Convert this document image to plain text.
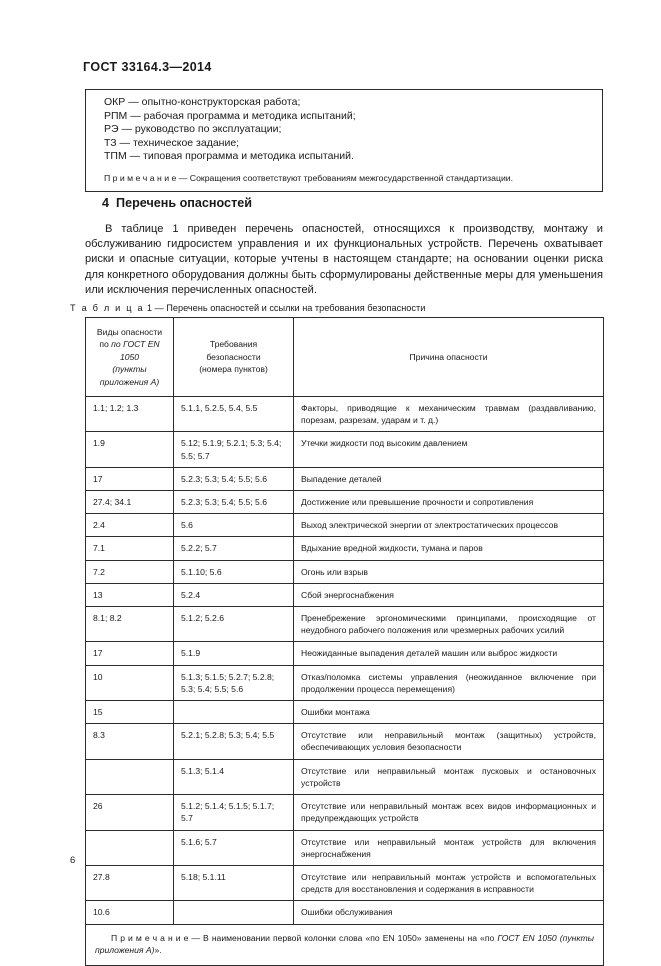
ГОСТ 33164.3—2014
ОКР — опытно-конструкторская работа;
РПМ — рабочая программа и методика испытаний;
РЭ — руководство по эксплуатации;
ТЗ — техническое задание;
ТПМ — типовая программа и методика испытаний.
П р и м е ч а н и е — Сокращения соответствуют требованиям межгосударственной стандартизации.
4 Перечень опасностей
В таблице 1 приведен перечень опасностей, относящихся к производству, монтажу и обслуживанию гидросистем управления и их функциональных устройств. Перечень охватывает риски и опасные ситуации, которые учтены в настоящем стандарте; на основании оценки риска для конкретного оборудования должны быть сформулированы действенные меры для уменьшения или исключения перечисленных опасностей.
Т а б л и ц а 1 — Перечень опасностей и ссылки на требования безопасности
Виды опасности
по по ГОСТ EN 1050
(пункты
приложения А)

Требования
безопасности
(номера пунктов)
	Причина опасности
1.1; 1.2; 1.3	5.1.1, 5.2.5, 5.4, 5.5	Факторы, приводящие к механическим травмам (раздавливанию, порезам, разрезам, ударам и т. д.)
1.9	5.12; 5.1.9; 5.2.1; 5.3; 5.4; 5.5; 5.7	Утечки жидкости под высоким давлением
17	5.2.3; 5.3; 5.4; 5.5; 5.6	Выпадение деталей
27.4; 34.1	5.2.3; 5.3; 5.4; 5.5; 5.6	Достижение или превышение прочности и сопротивления
2.4	5.6	Выход электрической энергии от электростатических процессов
7.1	5.2.2; 5.7	Вдыхание вредной жидкости, тумана и паров
7.2	5.1.10; 5.6	Огонь или взрыв
13	5.2.4	Сбой энергоснабжения
8.1; 8.2	5.1.2; 5.2.6	Пренебрежение эргономическими принципами, происходящие от неудобного рабочего положения или чрезмерных рабочих усилий
17	5.1.9	Неожиданные выпадения деталей машин или выброс жидкости
10	5.1.3; 5.1.5; 5.2.7; 5.2.8; 5.3; 5.4; 5.5; 5.6	Отказ/поломка системы управления (неожиданное включение при продолжении процесса перемещения)
15		Ошибки монтажа
8.3	5.2.1; 5.2.8; 5.3; 5.4; 5.5	Отсутствие или неправильный монтаж (защитных) устройств, обеспечивающих условия безопасности
	5.1.3; 5.1.4	Отсутствие или неправильный монтаж пусковых и остановочных устройств
26	5.1.2; 5.1.4; 5.1.5; 5.1.7; 5.7	Отсутствие или неправильный монтаж всех видов информационных и предупреждающих устройств
	5.1.6; 5.7	Отсутствие или неправильный монтаж устройств для включения энергоснабжения
27.8	5.18; 5.1.11	Отсутствие или неправильный монтаж устройств и вспомогательных средств для восстановления и содержания в исправности
10.6		Ошибки обслуживания
П р и м е ч а н и е — В наименовании первой колонки слова «по EN 1050» заменены на «по ГОСТ EN 1050 (пункты приложения А)».		
6
